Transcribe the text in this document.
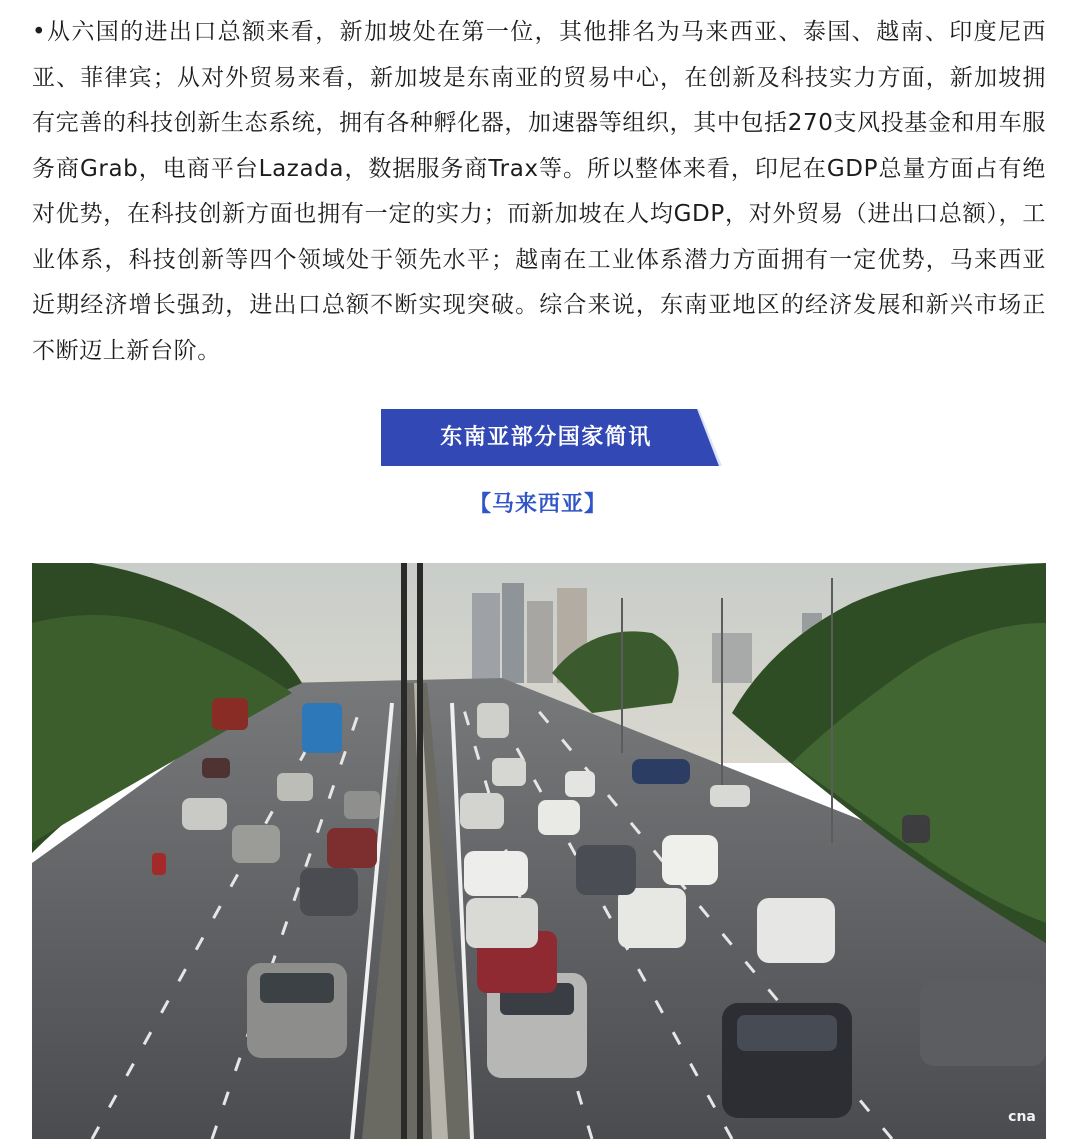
•从六国的进出口总额来看，新加坡处在第一位，其他排名为马来西亚、泰国、越南、印度尼西亚、菲律宾；从对外贸易来看，新加坡是东南亚的贸易中心，在创新及科技实力方面，新加坡拥有完善的科技创新生态系统，拥有各种孵化器，加速器等组织，其中包括270支风投基金和用车服务商Grab，电商平台Lazada，数据服务商Trax等。所以整体来看，印尼在GDP总量方面占有绝对优势，在科技创新方面也拥有一定的实力；而新加坡在人均GDP，对外贸易（进出口总额），工业体系，科技创新等四个领域处于领先水平；越南在工业体系潜力方面拥有一定优势，马来西亚近期经济增长强劲，进出口总额不断实现突破。综合来说，东南亚地区的经济发展和新兴市场正不断迈上新台阶。

东南亚部分国家简讯
【马来西亚】
cna
